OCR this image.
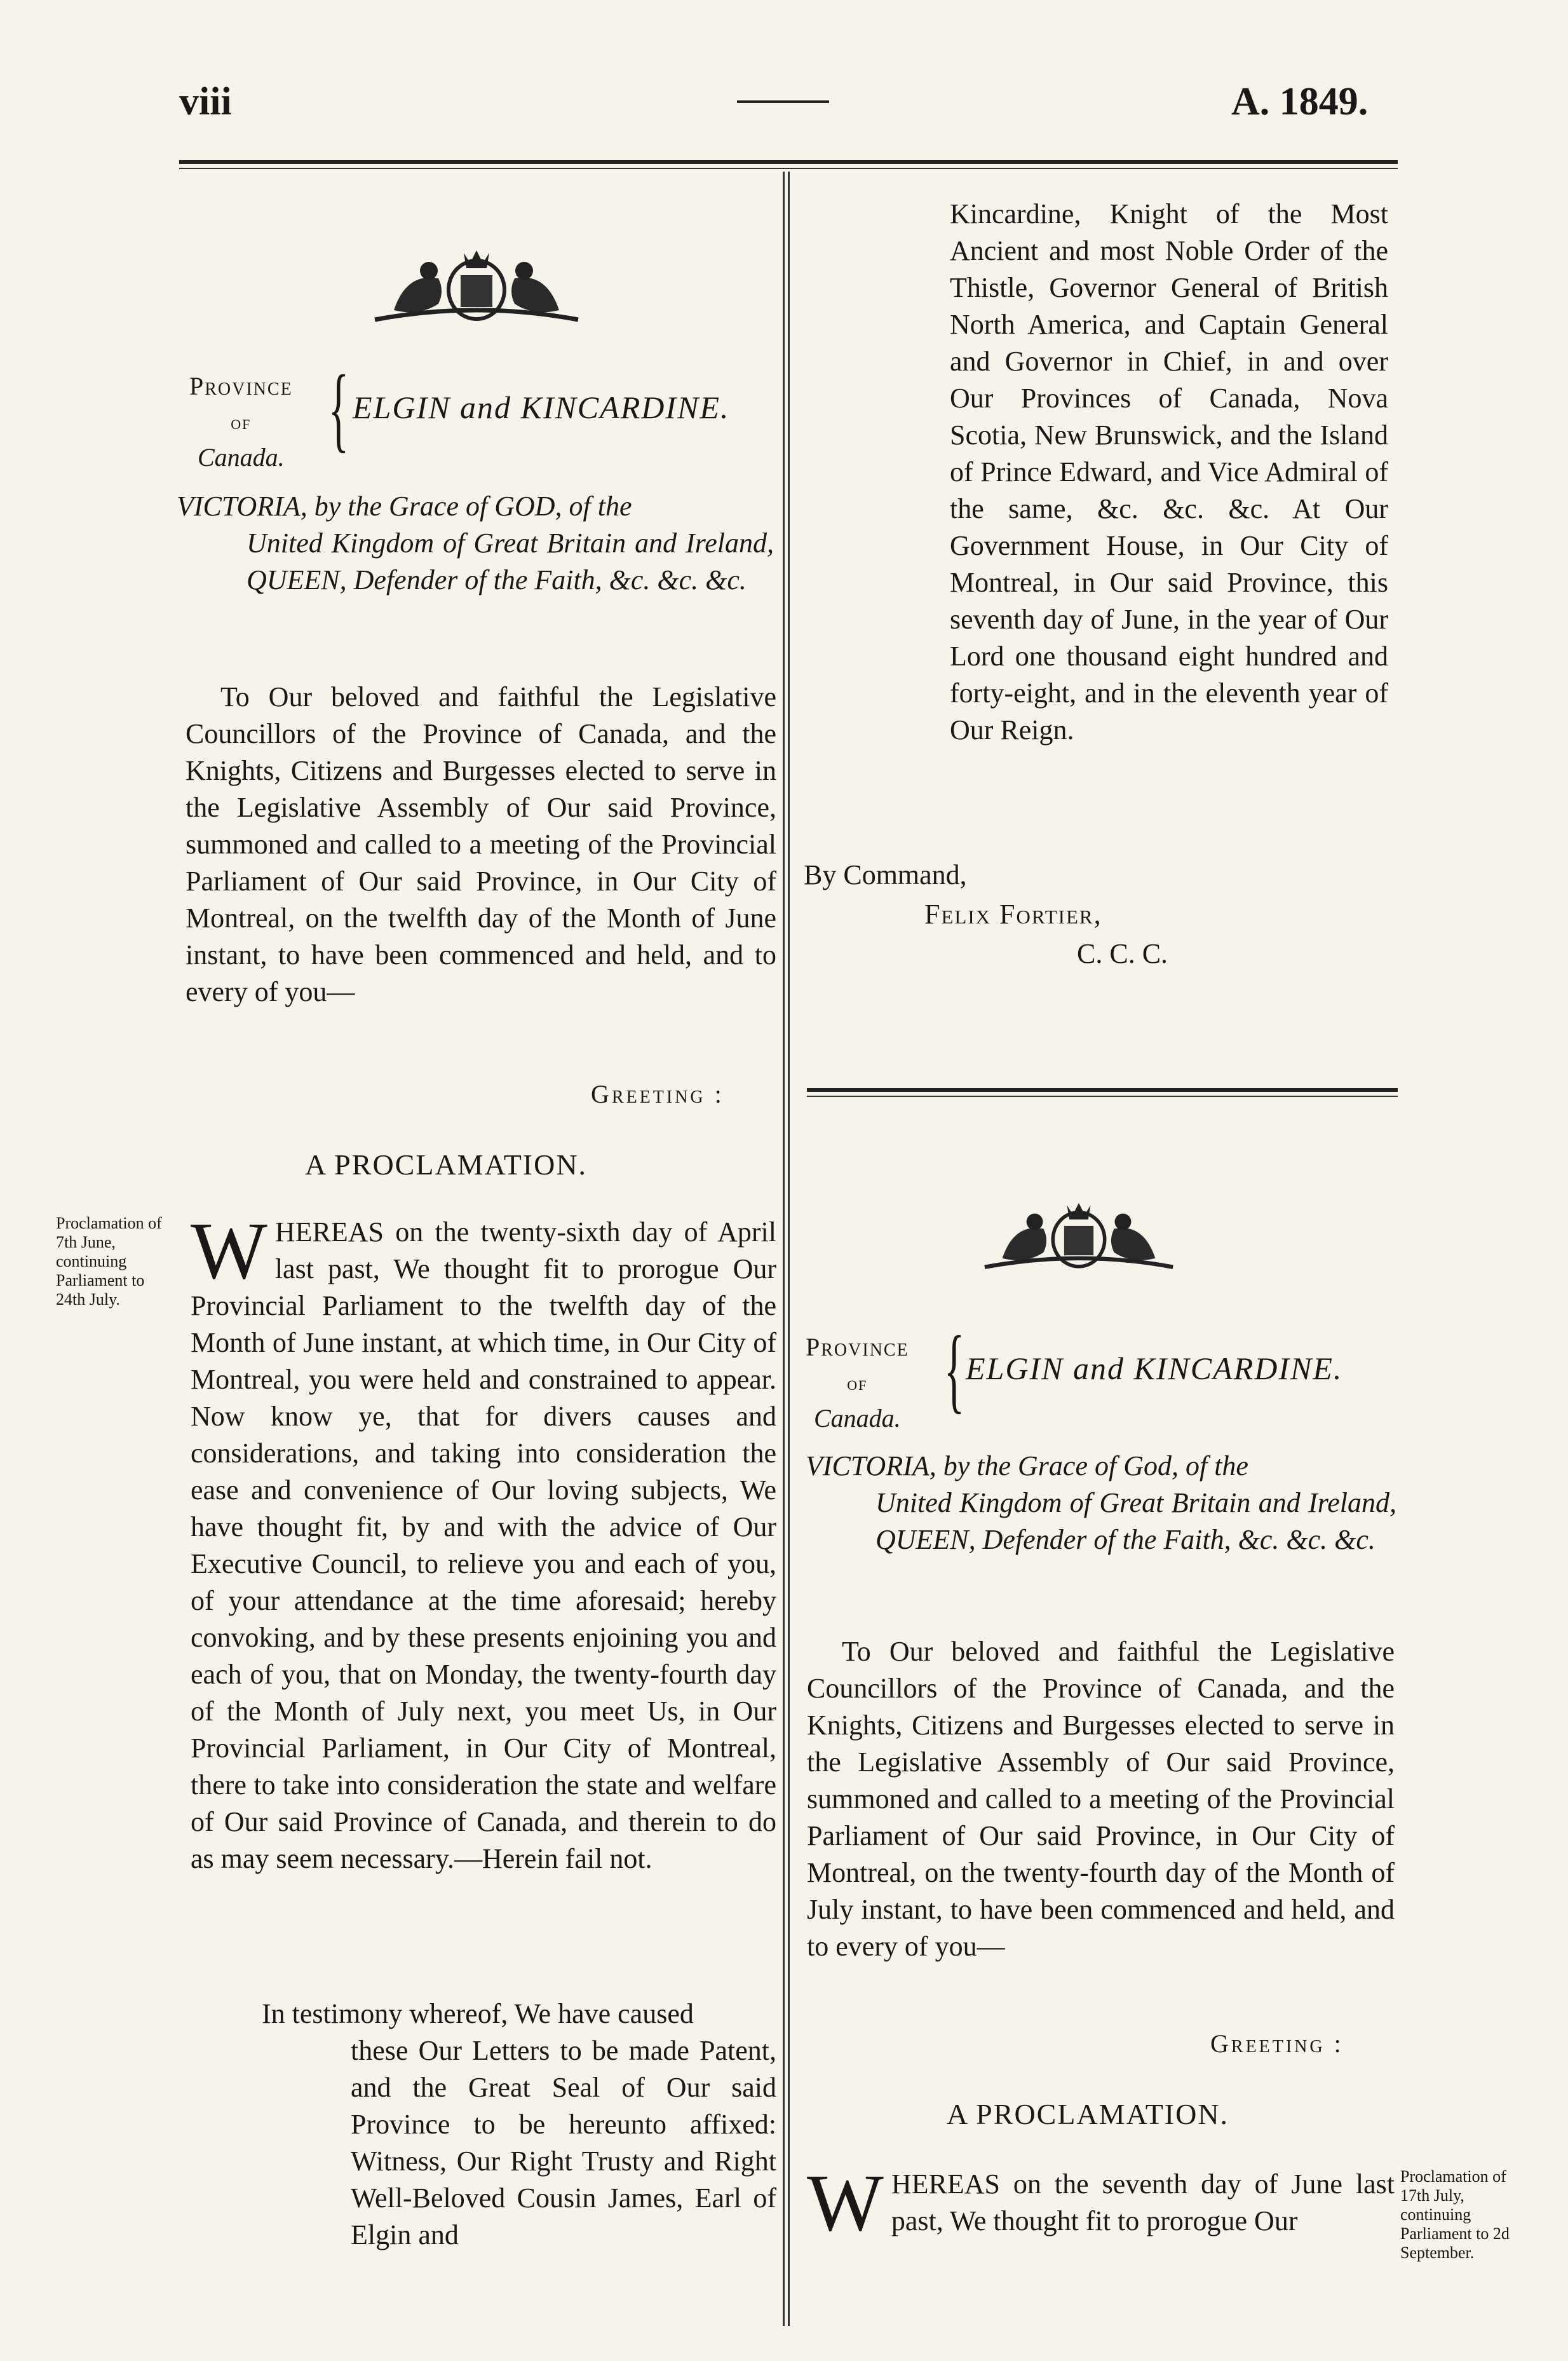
viii	A. 1849.
Province
of
Canada. { ELGIN and KINCARDINE.
VICTORIA, by the Grace of GOD, of the
United Kingdom of Great Britain and Ireland, QUEEN, Defender of the Faith, &c. &c. &c.

To Our beloved and faithful the Legislative Councillors of the Province of Canada, and the Knights, Citizens and Burgesses elected to serve in the Legislative Assembly of Our said Province, summoned and called to a meeting of the Provincial Parliament of Our said Province, in Our City of Montreal, on the twelfth day of the Month of June instant, to have been commenced and held, and to every of you—

Greeting :
A PROCLAMATION.
Proclamation of 7th June, continuing Parliament to 24th July.
W HEREAS on the twenty-sixth day of April last past, We thought fit to prorogue Our Provincial Parliament to the twelfth day of the Month of June instant, at which time, in Our City of Montreal, you were held and constrained to appear. Now know ye, that for divers causes and considerations, and taking into consideration the ease and convenience of Our loving subjects, We have thought fit, by and with the advice of Our Executive Council, to relieve you and each of you, of your attendance at the time aforesaid; hereby convoking, and by these presents enjoining you and each of you, that on Monday, the twenty-fourth day of the Month of July next, you meet Us, in Our Provincial Parliament, in Our City of Montreal, there to take into consideration the state and welfare of Our said Province of Canada, and therein to do as may seem necessary.—Herein fail not.
In testimony whereof, We have caused
these Our Letters to be made Patent, and the Great Seal of Our said Province to be hereunto affixed: Witness, Our Right Trusty and Right Well-Beloved Cousin James, Earl of Elgin and

Kincardine, Knight of the Most Ancient and most Noble Order of the Thistle, Governor General of British North America, and Captain General and Governor in Chief, in and over Our Provinces of Canada, Nova Scotia, New Brunswick, and the Island of Prince Edward, and Vice Admiral of the same, &c. &c. &c. At Our Government House, in Our City of Montreal, in Our said Province, this seventh day of June, in the year of Our Lord one thousand eight hundred and forty-eight, and in the eleventh year of Our Reign.

By Command,
Felix Fortier,
C. C. C.
Province
of
Canada. { ELGIN and KINCARDINE.
VICTORIA, by the Grace of God, of the
United Kingdom of Great Britain and Ireland, QUEEN, Defender of the Faith, &c. &c. &c.

To Our beloved and faithful the Legislative Councillors of the Province of Canada, and the Knights, Citizens and Burgesses elected to serve in the Legislative Assembly of Our said Province, summoned and called to a meeting of the Provincial Parliament of Our said Province, in Our City of Montreal, on the twenty-fourth day of the Month of July instant, to have been commenced and held, and to every of you—

Greeting :
A PROCLAMATION.
W HEREAS on the seventh day of June last past, We thought fit to prorogue Our
Proclamation of 17th July, continuing Parliament to 2d September.
